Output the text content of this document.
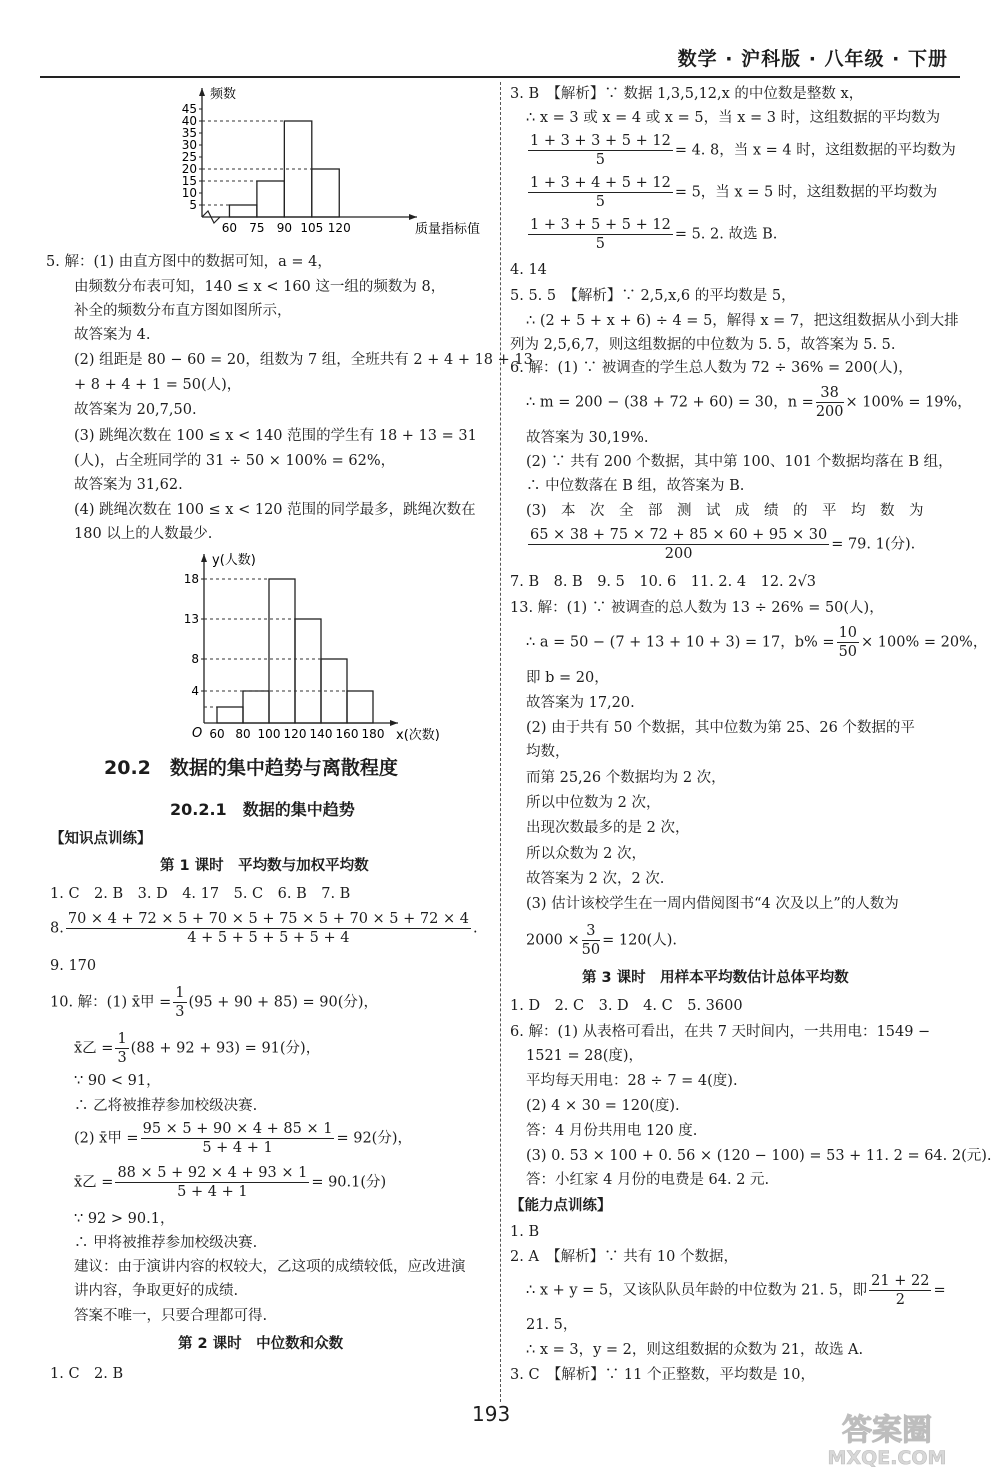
数学 · 沪科版 · 八年级 · 下册
5
10
15
20
25
30
35
40
45
60 75 90 105 120
频数
质量指标值
5. 解：(1) 由直方图中的数据可知，a = 4，
由频数分布表可知，140 ≤ x < 160 这一组的频数为 8，
补全的频数分布直方图如图所示，
故答案为 4.
(2) 组距是 80 − 60 = 20，组数为 7 组，全班共有 2 + 4 + 18 + 13
+ 8 + 4 + 1 = 50(人)，
故答案为 20,7,50.
(3) 跳绳次数在 100 ≤ x < 140 范围的学生有 18 + 13 = 31
(人)，占全班同学的 31 ÷ 50 × 100% = 62%，
故答案为 31,62.
(4) 跳绳次数在 100 ≤ x < 120 范围的同学最多，跳绳次数在
180 以上的人数最少.
4
8
13
18
60 80 100 120 140 160 180
y(人数)
x(次数)
O
20.2　数据的集中趋势与离散程度
20.2.1　数据的集中趋势
【知识点训练】
第 1 课时　平均数与加权平均数
1. C　2. B　3. D　4. 17　5. C　6. B　7. B
8. $\frac{70 \times 4 + 72 \times 5 + 70 \times 5 + 75 \times 5 + 70 \times 5 + 72 \times 4}{4 + 5 + 5 + 5 + 5 + 4}$ .
9. 170
10. 解：(1) x̄甲 = $\frac{1}{3} (95 + 90 + 85) = 90$(分)，
x̄乙 = $\frac{1}{3} (88 + 92 + 93) = 91$(分)，
∵ 90 < 91，
∴ 乙将被推荐参加校级决赛.
(2) x̄甲 = $\frac{95 \times 5 + 90 \times 4 + 85 \times 1}{5 + 4 + 1} = 92$(分)，
x̄乙 = $\frac{88 \times 5 + 92 \times 4 + 93 \times 1}{5 + 4 + 1} = 90.1$(分)
∵ 92 > 90.1，
∴ 甲将被推荐参加校级决赛.
建议：由于演讲内容的权较大，乙这项的成绩较低，应改进演
讲内容，争取更好的成绩.
答案不唯一，只要合理都可得.
第 2 课时　中位数和众数
1. C　2. B
3. B　【解析】∵ 数据 1,3,5,12,x 的中位数是整数 x，
∴ x = 3 或 x = 4 或 x = 5，当 x = 3 时，这组数据的平均数为
$\frac{1 + 3 + 3 + 5 + 12}{5} = 4$. 8，当 x = 4 时，这组数据的平均数为
$\frac{1 + 3 + 4 + 5 + 12}{5} = 5$，当 x = 5 时，这组数据的平均数为
$\frac{1 + 3 + 5 + 5 + 12}{5} = 5$. 2. 故选 B.
4. 14
5. 5. 5　【解析】∵ 2,5,x,6 的平均数是 5，
∴ (2 + 5 + x + 6) ÷ 4 = 5，解得 x = 7，把这组数据从小到大排
列为 2,5,6,7，则这组数据的中位数为 5. 5，故答案为 5. 5.
6. 解：(1) ∵ 被调查的学生总人数为 72 ÷ 36% = 200(人)，
∴ m = 200 − (38 + 72 + 60) = 30，$n = \frac{38}{200} \times 100\% = 19\%$，
故答案为 30,19%.
(2) ∵ 共有 200 个数据，其中第 100、101 个数据均落在 B 组，
∴ 中位数落在 B 组，故答案为 B.
(3)　本　次　全　部　测　试　成　绩　的　平　均　数　为
$\frac{65 \times 38 + 75 \times 72 + 85 \times 60 + 95 \times 30}{200} = 79$. 1(分).
7. B　8. B　9. 5　10. 6　11. 2. 4　12. 2√3
13. 解：(1) ∵ 被调查的总人数为 13 ÷ 26% = 50(人)，
∴ a = 50 − (7 + 13 + 10 + 3) = 17，$b\% = \frac{10}{50} \times 100\% = 20\%$，
即 b = 20，
故答案为 17,20.
(2) 由于共有 50 个数据，其中位数为第 25、26 个数据的平
均数，
而第 25,26 个数据均为 2 次，
所以中位数为 2 次，
出现次数最多的是 2 次，
所以众数为 2 次，
故答案为 2 次，2 次.
(3) 估计该校学生在一周内借阅图书“4 次及以上”的人数为
$2000 \times \frac{3}{50} = 120$(人).
第 3 课时　用样本平均数估计总体平均数
1. D　2. C　3. D　4. C　5. 3600
6. 解：(1) 从表格可看出，在共 7 天时间内，一共用电：1549 −
1521 = 28(度)，
平均每天用电：28 ÷ 7 = 4(度).
(2) 4 × 30 = 120(度).
答：4 月份共用电 120 度.
(3) 0. 53 × 100 + 0. 56 × (120 − 100) = 53 + 11. 2 = 64. 2(元).
答：小红家 4 月份的电费是 64. 2 元.
【能力点训练】
1. B
2. A　【解析】∵ 共有 10 个数据，
∴ x + y = 5，又该队队员年龄的中位数为 21. 5，即 $\frac{21 + 22}{2}$ =
21. 5，
∴ x = 3，y = 2，则这组数据的众数为 21，故选 A.
3. C　【解析】∵ 11 个正整数，平均数是 10，
193	答案圈
MXQE.COM
